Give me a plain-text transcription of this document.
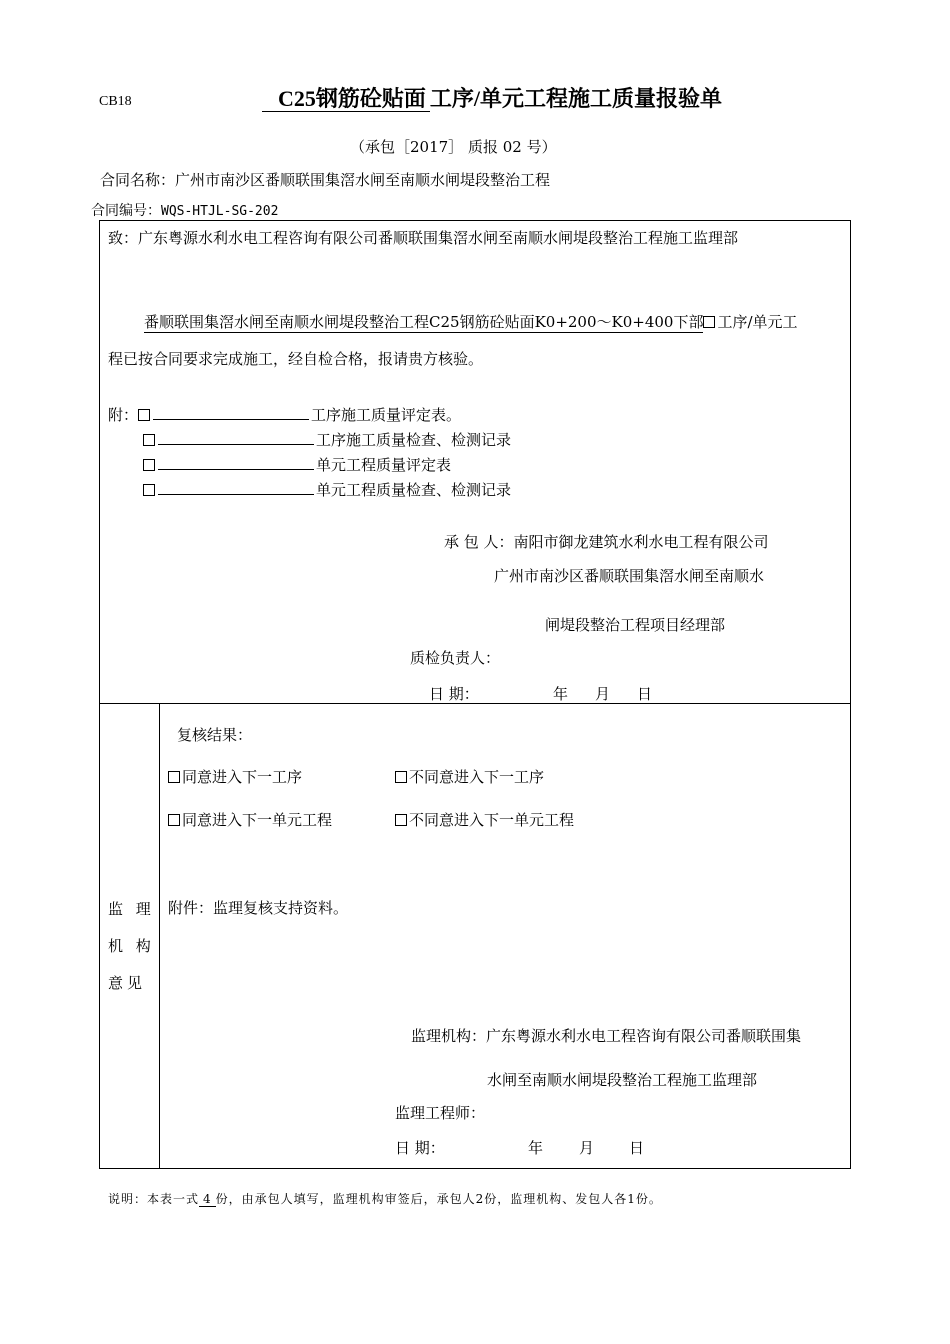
CB18	C25钢筋砼贴面 工序/单元工程施工质量报验单
（承包［2017］ 质报 02 号）
合同名称：广州市南沙区番顺联围集滘水闸至南顺水闸堤段整治工程
合同编号：WQS-HTJL-SG-202
致：广东粤源水利水电工程咨询有限公司番顺联围集滘水闸至南顺水闸堤段整治工程施工监理部
番顺联围集滘水闸至南顺水闸堤段整治工程C25钢筋砼贴面K0+200～K0+400下部 工序/单元工
程已按合同要求完成施工，经自检合格，报请贵方核验。
附：	工序施工质量评定表。
工序施工质量检查、检测记录
单元工程质量评定表
单元工程质量检查、检测记录
承 包 人：南阳市御龙建筑水利水电工程有限公司
广州市南沙区番顺联围集滘水闸至南顺水
闸堤段整治工程项目经理部
质检负责人：
日 期：	年 月 日
监 理
机 构
意见
复核结果：
同意进入下一工序	不同意进入下一工序
同意进入下一单元工程	不同意进入下一单元工程
附件：监理复核支持资料。
监理机构：广东粤源水利水电工程咨询有限公司番顺联围集
水闸至南顺水闸堤段整治工程施工监理部
监理工程师：
日 期：	年 月 日
说明：本表一式 4 份，由承包人填写，监理机构审签后，承包人2份，监理机构、发包人各1份。
